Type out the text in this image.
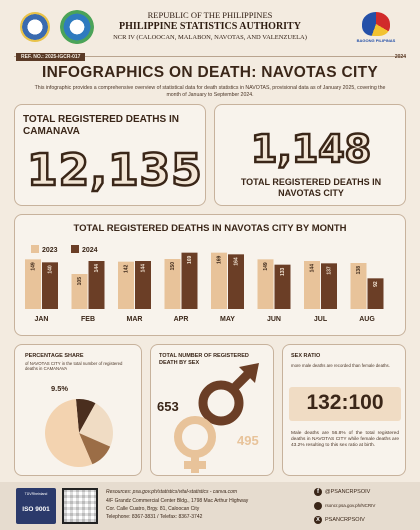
BAGONG PILIPINAS
REPUBLIC OF THE PHILIPPINES
PHILIPPINE STATISTICS AUTHORITY
NCR IV (CALOOCAN, MALABON, NAVOTAS, AND VALENZUELA)
REF. NO.: 2025-IGCR-017	2024
INFOGRAPHICS ON DEATH: NAVOTAS CITY
This infographic provides a comprehensive overview of statistical data for death statistics in NAVOTAS, provisional data as of January 2025, covering the month of January to September 2024.
TOTAL REGISTERED DEATHS IN CAMANAVA
12,135	1,148
TOTAL REGISTERED DEATHS IN NAVOTAS CITY
TOTAL REGISTERED DEATHS IN NAVOTAS CITY BY MONTH
2023	2024
149 140
JAN
105
144
FEB
142 144
MAR
150
169
APR
169 164
MAY
149
133
JUN
144 137
JUL
138
92
AUG
PERCENTAGE SHARE
of NAVOTAS CITY in the total number of registered deaths in CAMANAVA
9.5%
TOTAL NUMBER OF REGISTERED DEATH BY SEX
653
495
SEX RATIO
more male deaths are recorded than female deaths.
132:100
Male deaths are 56.8% of the total registered deaths in NAVOTAS CITY while female deaths are 43.2% resulting to this sex ratio at birth.
TÜVRheinland
ISO 9001
Resources: psa.gov.ph/statistics/vital-statistics - canva.com
4/F Grandz Commercial Center Bldg., 1798 Mac Arthur Highway
Cor. Calle Cuatro, Brgy. 81, Caloocan City
Telephone: 8367-3831 / Telefax: 8367-3742
f	@PSANCRPSOIV
rsoncr.psa.gov.ph/NCRIV
X PSANCRPSOIV
